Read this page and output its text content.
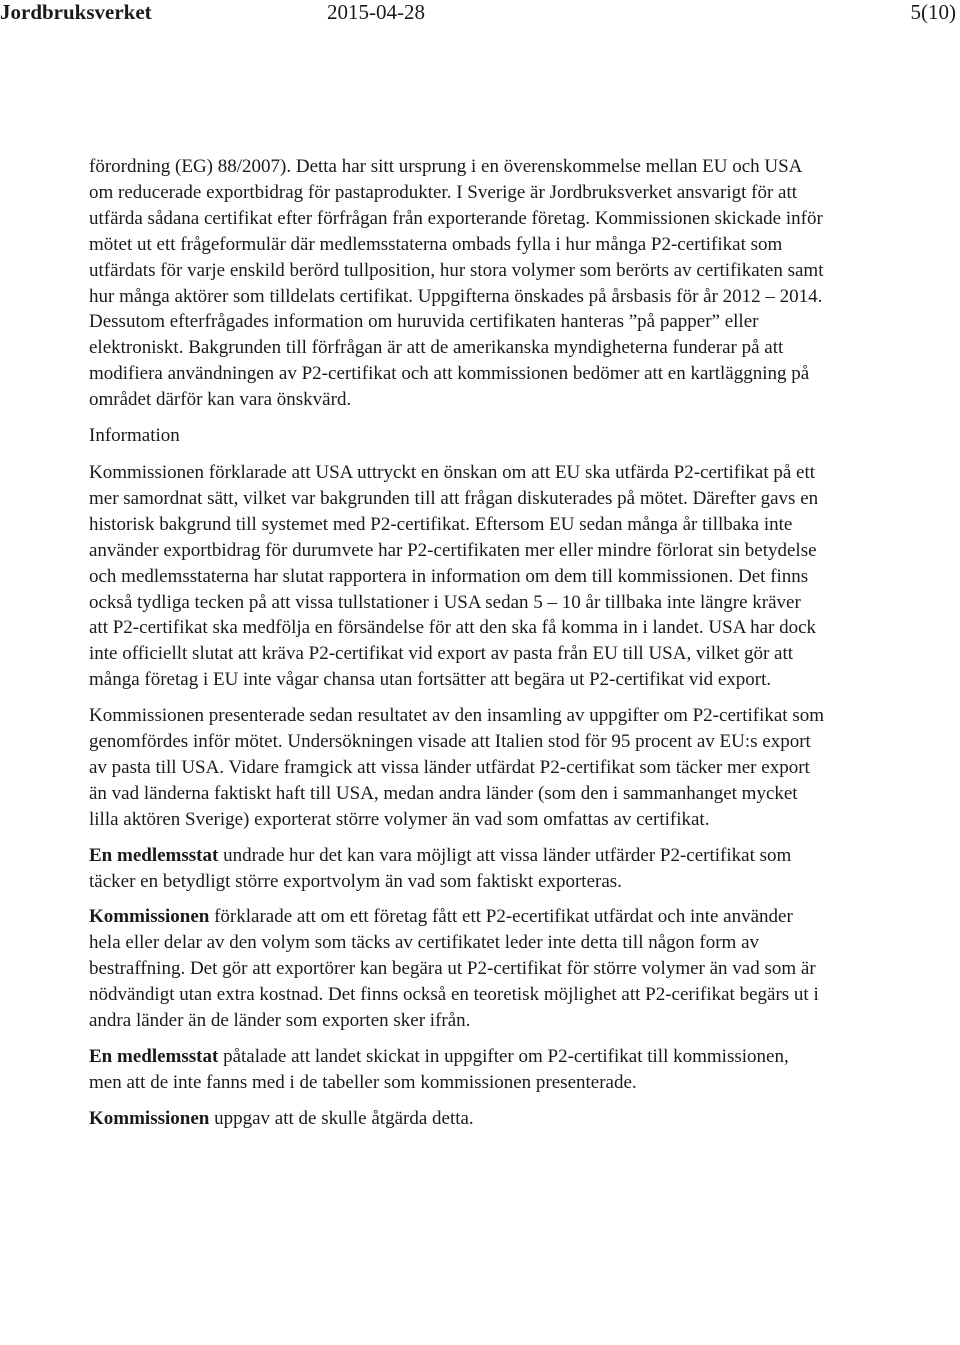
Jordbruksverket	2015-04-28	5(10)

förordning (EG) 88/2007). Detta har sitt ursprung i en överenskommelse mellan EU och USA om reducerade exportbidrag för pastaprodukter. I Sverige är Jordbruksverket ansvarigt för att utfärda sådana certifikat efter förfrågan från exporterande företag. Kommissionen skickade inför mötet ut ett frågeformulär där medlemsstaterna ombads fylla i hur många P2-certifikat som utfärdats för varje enskild berörd tullposition, hur stora volymer som berörts av certifikaten samt hur många aktörer som tilldelats certifikat. Uppgifterna önskades på årsbasis för år 2012 – 2014. Dessutom efterfrågades information om huruvida certifikaten hanteras ”på papper” eller elektroniskt. Bakgrunden till förfrågan är att de amerikanska myndigheterna funderar på att modifiera användningen av P2-certifikat och att kommissionen bedömer att en kartläggning på området därför kan vara önskvärd.

Information

Kommissionen förklarade att USA uttryckt en önskan om att EU ska utfärda P2-certifikat på ett mer samordnat sätt, vilket var bakgrunden till att frågan diskuterades på mötet. Därefter gavs en historisk bakgrund till systemet med P2-certifikat. Eftersom EU sedan många år tillbaka inte använder exportbidrag för durumvete har P2-certifikaten mer eller mindre förlorat sin betydelse och medlemsstaterna har slutat rapportera in information om dem till kommissionen. Det finns också tydliga tecken på att vissa tullstationer i USA sedan 5 – 10 år tillbaka inte längre kräver att P2-certifikat ska medfölja en försändelse för att den ska få komma in i landet. USA har dock inte officiellt slutat att kräva P2-certifikat vid export av pasta från EU till USA, vilket gör att många företag i EU inte vågar chansa utan fortsätter att begära ut P2-certifikat vid export.

Kommissionen presenterade sedan resultatet av den insamling av uppgifter om P2-certifikat som genomfördes inför mötet. Undersökningen visade att Italien stod för 95 procent av EU:s export av pasta till USA. Vidare framgick att vissa länder utfärdat P2-certifikat som täcker mer export än vad länderna faktiskt haft till USA, medan andra länder (som den i sammanhanget mycket lilla aktören Sverige) exporterat större volymer än vad som omfattas av certifikat.

En medlemsstat undrade hur det kan vara möjligt att vissa länder utfärder P2-certifikat som täcker en betydligt större exportvolym än vad som faktiskt exporteras.

Kommissionen förklarade att om ett företag fått ett P2-ecertifikat utfärdat och inte använder hela eller delar av den volym som täcks av certifikatet leder inte detta till någon form av bestraffning. Det gör att exportörer kan begära ut P2-certifikat för större volymer än vad som är nödvändigt utan extra kostnad. Det finns också en teoretisk möjlighet att P2-cerifikat begärs ut i andra länder än de länder som exporten sker ifrån.

En medlemsstat påtalade att landet skickat in uppgifter om P2-certifikat till kommissionen, men att de inte fanns med i de tabeller som kommissionen presenterade.

Kommissionen uppgav att de skulle åtgärda detta.
